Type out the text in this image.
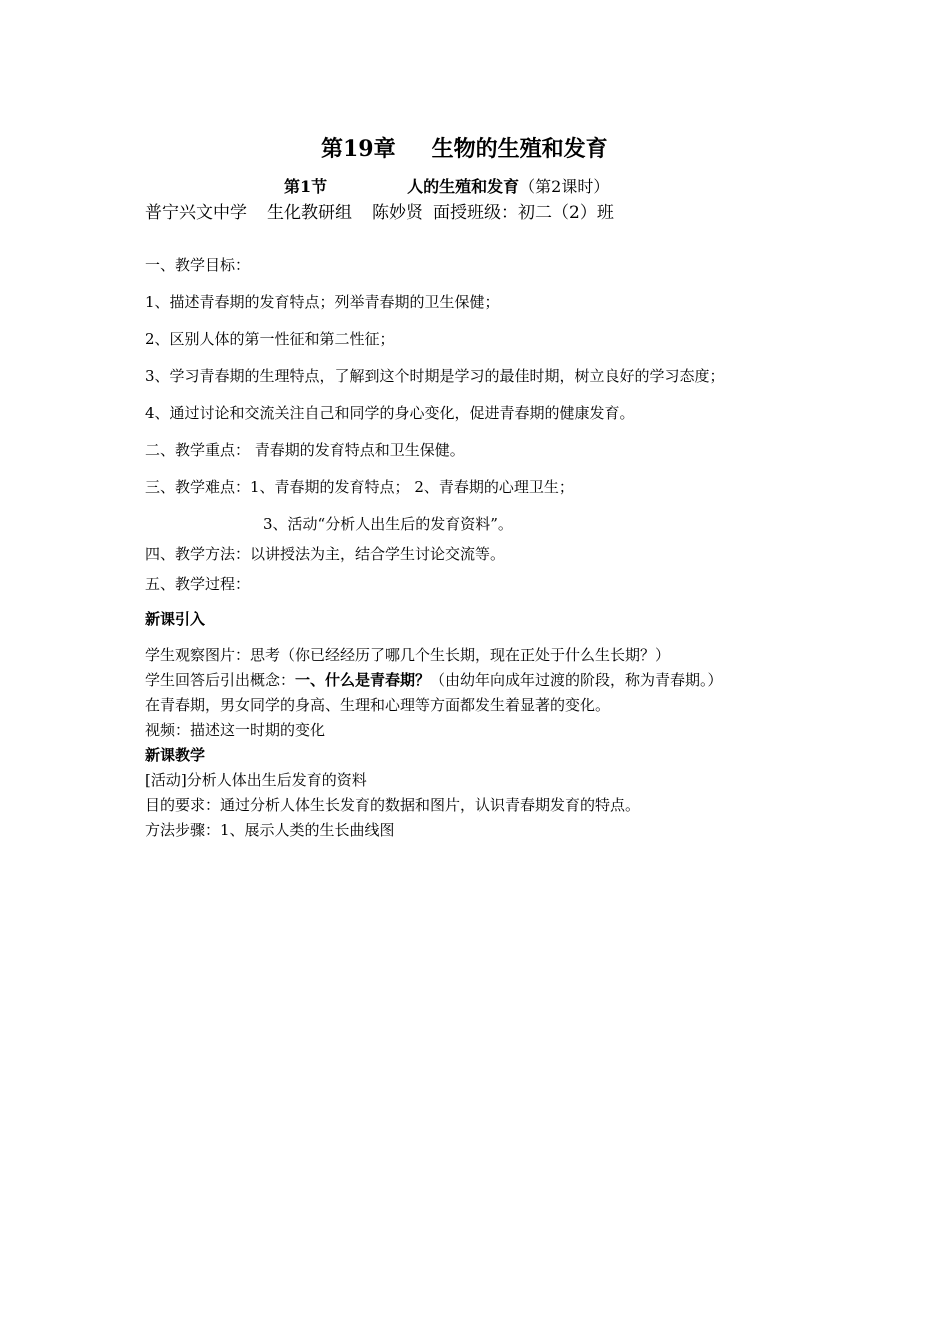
第19章 生物的生殖和发育
第1节	人的生殖和发育（第2课时）
普宁兴文中学 生化教研组 陈妙贤 面授班级：初二（2）班
一、教学目标：
1、描述青春期的发育特点；列举青春期的卫生保健；
2、区别人体的第一性征和第二性征；
3、学习青春期的生理特点，了解到这个时期是学习的最佳时期，树立良好的学习态度；
4、通过讨论和交流关注自己和同学的身心变化，促进青春期的健康发育。
二、教学重点： 青春期的发育特点和卫生保健。
三、教学难点：1、青春期的发育特点； 2、青春期的心理卫生；
3、活动“分析人出生后的发育资料”。
四、教学方法：以讲授法为主，结合学生讨论交流等。
五、教学过程：
新课引入
学生观察图片：思考（你已经经历了哪几个生长期，现在正处于什么生长期？）
学生回答后引出概念：一、什么是青春期？（由幼年向成年过渡的阶段，称为青春期。）
在青春期，男女同学的身高、生理和心理等方面都发生着显著的变化。
视频：描述这一时期的变化
新课教学
[活动]分析人体出生后发育的资料
目的要求：通过分析人体生长发育的数据和图片，认识青春期发育的特点。
方法步骤：1、展示人类的生长曲线图
